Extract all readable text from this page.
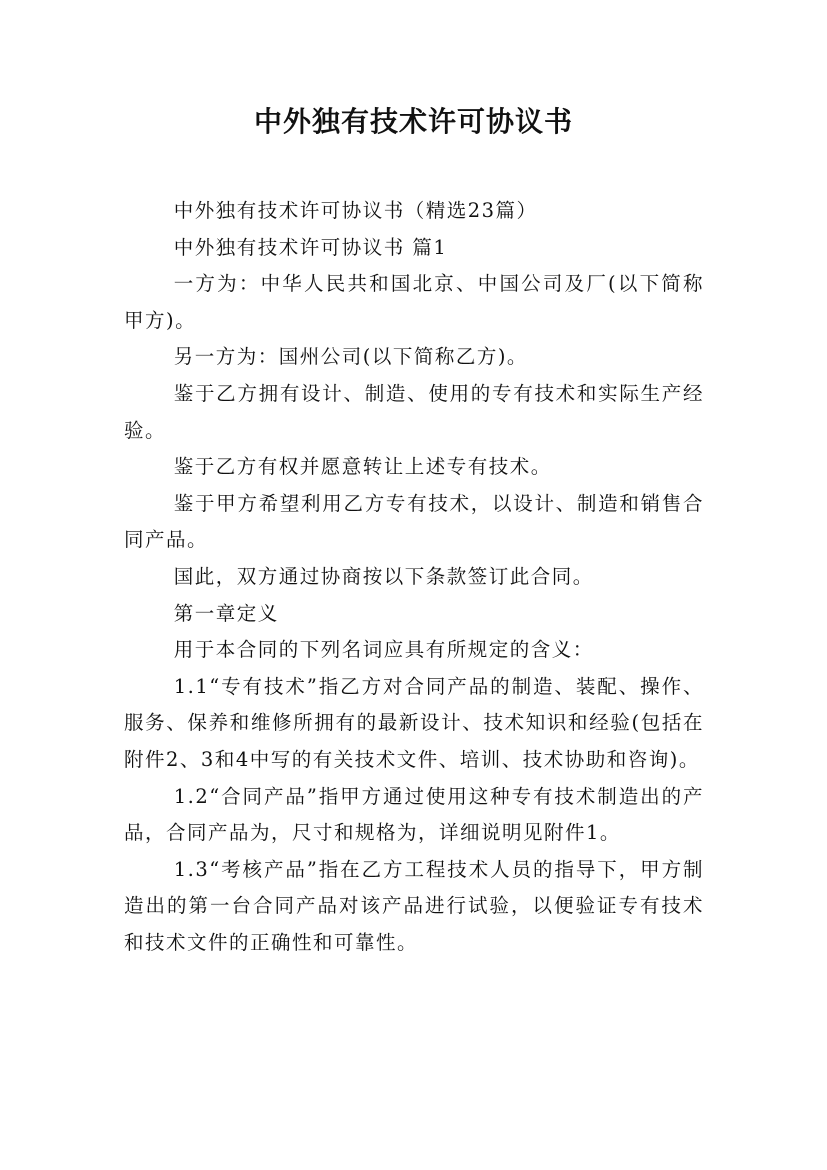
中外独有技术许可协议书

中外独有技术许可协议书（精选23篇）

中外独有技术许可协议书 篇1

一方为：中华人民共和国北京、中国公司及厂(以下简称甲方)。

另一方为：国州公司(以下简称乙方)。

鉴于乙方拥有设计、制造、使用的专有技术和实际生产经验。

鉴于乙方有权并愿意转让上述专有技术。

鉴于甲方希望利用乙方专有技术，以设计、制造和销售合同产品。

国此，双方通过协商按以下条款签订此合同。

第一章定义

用于本合同的下列名词应具有所规定的含义：

1.1“专有技术”指乙方对合同产品的制造、装配、操作、服务、保养和维修所拥有的最新设计、技术知识和经验(包括在附件2、3和4中写的有关技术文件、培训、技术协助和咨询)。

1.2“合同产品”指甲方通过使用这种专有技术制造出的产品，合同产品为，尺寸和规格为，详细说明见附件1。

1.3“考核产品”指在乙方工程技术人员的指导下，甲方制造出的第一台合同产品对该产品进行试验，以便验证专有技术和技术文件的正确性和可靠性。
